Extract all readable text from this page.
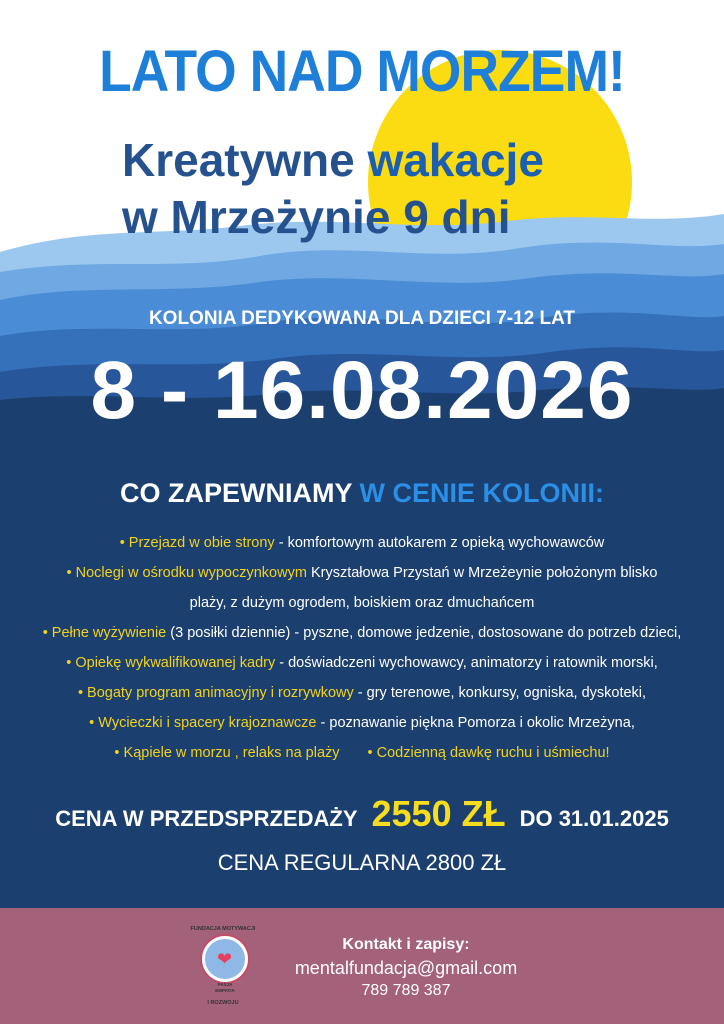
LATO NAD MORZEM!
Kreatywne wakacje
w Mrzeżynie 9 dni
KOLONIA DEDYKOWANA DLA DZIECI 7-12 LAT
8 - 16.08.2026
CO ZAPEWNIAMY W CENIE KOLONII:
• Przejazd w obie strony - komfortowym autokarem z opieką wychowawców
• Noclegi w ośrodku wypoczynkowym Kryształowa Przystań w Mrzeżeynie położonym blisko
plaży, z dużym ogrodem, boiskiem oraz dmuchańcem
• Pełne wyżywienie (3 posiłki dziennie) - pyszne, domowe jedzenie, dostosowane do potrzeb dzieci,
• Opiekę wykwalifikowanej kadry - doświadczeni wychowawcy, animatorzy i ratownik morski,
• Bogaty program animacyjny i rozrywkowy - gry terenowe, konkursy, ogniska, dyskoteki,
• Wycieczki i spacery krajoznawcze - poznawanie piękna Pomorza i okolic Mrzeżyna,
• Kąpiele w morzu , relaks na plaży • Codzienną dawkę ruchu i uśmiechu!
CENA W PRZEDSPRZEDAŻY 2550 ZŁ DO 31.01.2025
CENA REGULARNA 2800 ZŁ
FUNDACJA MOTYWACJI
❤
PASJA
EMPATIA
I ROZWOJU
Kontakt i zapisy:
mentalfundacja@gmail.com
789 789 387
